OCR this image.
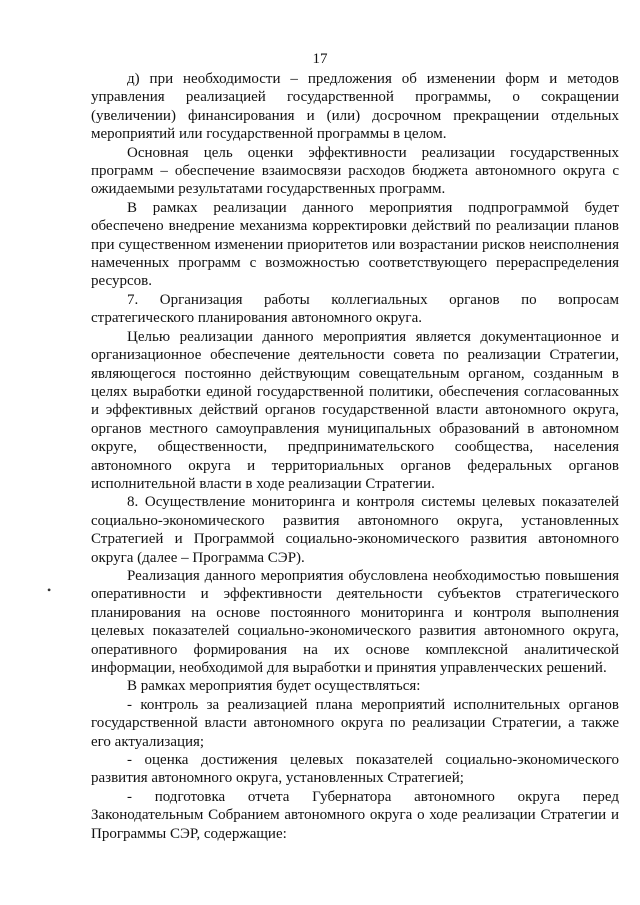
17
•

д) при необходимости – предложения об изменении форм и методов управления реализацией государственной программы, о сокращении (увеличении) финансирования и (или) досрочном прекращении отдельных мероприятий или государственной программы в целом.

Основная цель оценки эффективности реализации государственных программ – обеспечение взаимосвязи расходов бюджета автономного округа с ожидаемыми результатами государственных программ.

В рамках реализации данного мероприятия подпрограммой будет обеспечено внедрение механизма корректировки действий по реализации планов при существенном изменении приоритетов или возрастании рисков неисполнения намеченных программ с возможностью соответствующего перераспределения ресурсов.

7. Организация работы коллегиальных органов по вопросам стратегического планирования автономного округа.

Целью реализации данного мероприятия является документационное и организационное обеспечение деятельности совета по реализации Стратегии, являющегося постоянно действующим совещательным органом, созданным в целях выработки единой государственной политики, обеспечения согласованных и эффективных действий органов государственной власти автономного округа, органов местного самоуправления муниципальных образований в автономном округе, общественности, предпринимательского сообщества, населения автономного округа и территориальных органов федеральных органов исполнительной власти в ходе реализации Стратегии.

8. Осуществление мониторинга и контроля системы целевых показателей социально-экономического развития автономного округа, установленных Стратегией и Программой социально-экономического развития автономного округа (далее – Программа СЭР).

Реализация данного мероприятия обусловлена необходимостью повышения оперативности и эффективности деятельности субъектов стратегического планирования на основе постоянного мониторинга и контроля выполнения целевых показателей социально-экономического развития автономного округа, оперативного формирования на их основе комплексной аналитической информации, необходимой для выработки и принятия управленческих решений.

В рамках мероприятия будет осуществляться:

- контроль за реализацией плана мероприятий исполнительных органов государственной власти автономного округа по реализации Стратегии, а также его актуализация;

- оценка достижения целевых показателей социально-экономического развития автономного округа, установленных Стратегией;

- подготовка отчета Губернатора автономного округа перед Законодательным Собранием автономного округа о ходе реализации Стратегии и Программы СЭР, содержащие:
